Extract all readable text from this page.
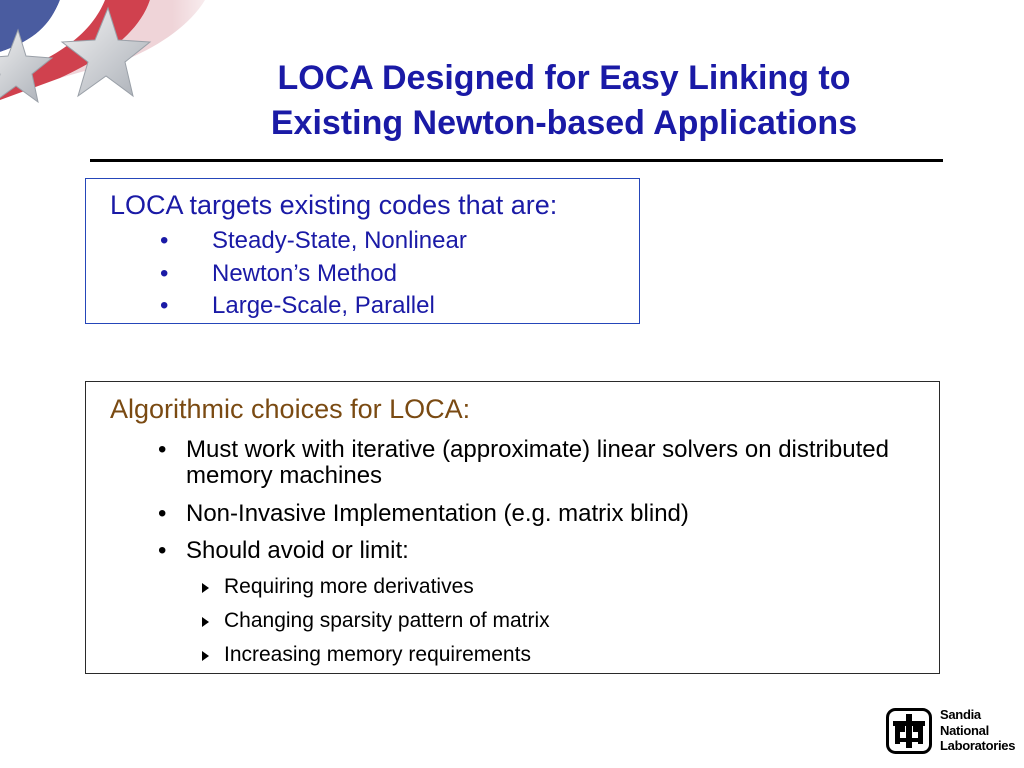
LOCA Designed for Easy Linking to
Existing Newton-based Applications

LOCA targets existing codes that are:

• Steady-State, Nonlinear
• Newton’s Method
• Large-Scale, Parallel

Algorithmic choices for LOCA:

• Must work with iterative (approximate) linear solvers on distributed memory machines
• Non-Invasive Implementation (e.g. matrix blind)
• Should avoid or limit:
Requiring more derivatives
Changing sparsity pattern of matrix
Increasing memory requirements

Sandia
National
Laboratories
